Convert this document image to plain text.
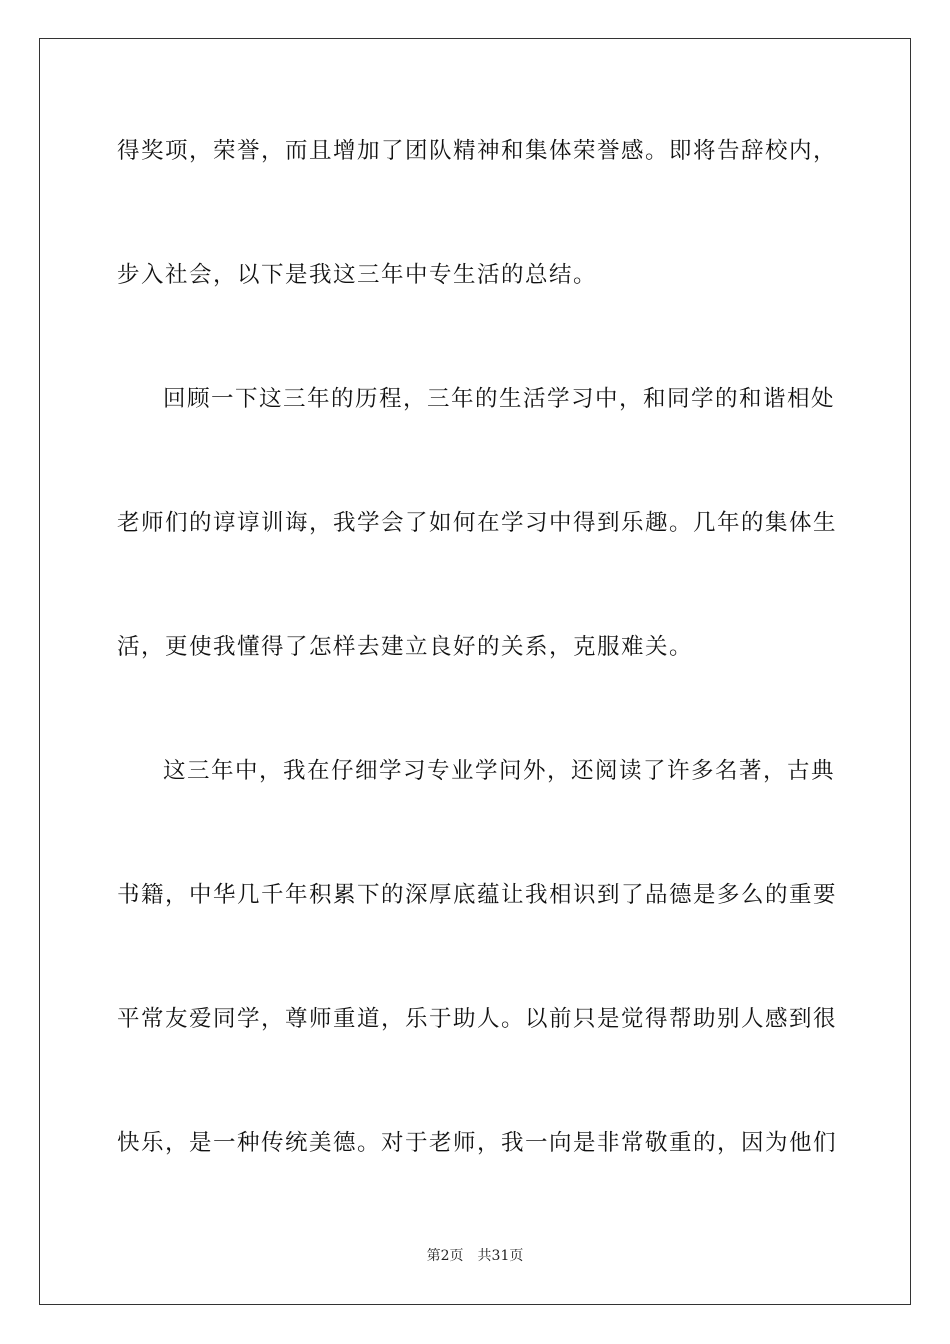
得奖项，荣誉，而且增加了团队精神和集体荣誉感。即将告辞校内，
步入社会，以下是我这三年中专生活的总结。
回顾一下这三年的历程，三年的生活学习中，和同学的和谐相处
老师们的谆谆训诲，我学会了如何在学习中得到乐趣。几年的集体生
活，更使我懂得了怎样去建立良好的关系，克服难关。
这三年中，我在仔细学习专业学问外，还阅读了许多名著，古典
书籍，中华几千年积累下的深厚底蕴让我相识到了品德是多么的重要
平常友爱同学，尊师重道，乐于助人。以前只是觉得帮助别人感到很
快乐，是一种传统美德。对于老师，我一向是非常敬重的，因为他们
第2页 共31页
